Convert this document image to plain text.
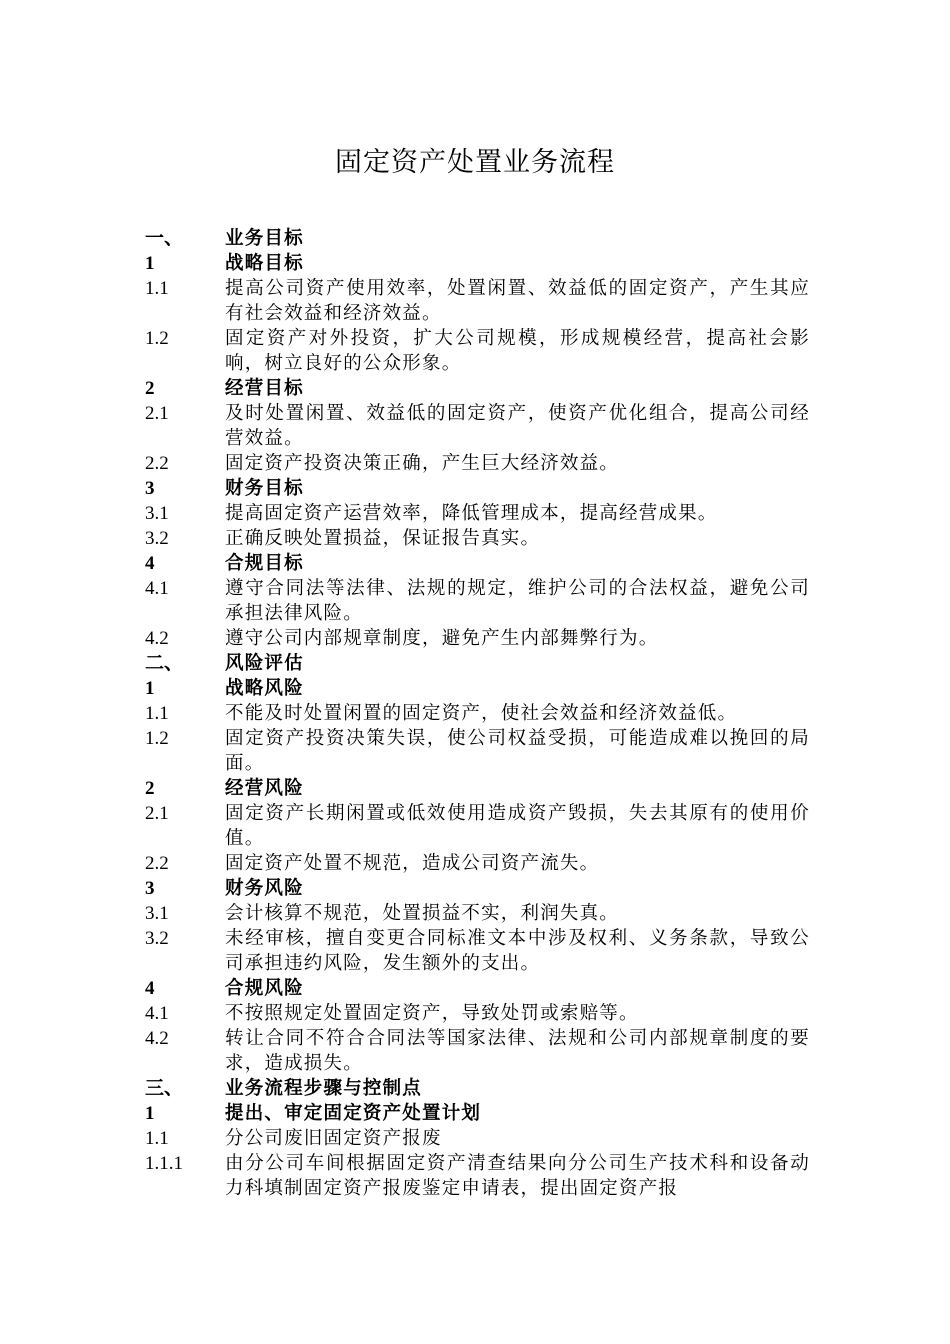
固定资产处置业务流程
一、	业务目标
1	战略目标
1.1	提高公司资产使用效率，处置闲置、效益低的固定资产，产生其应有社会效益和经济效益。
1.2	固定资产对外投资，扩大公司规模，形成规模经营，提高社会影响，树立良好的公众形象。
2	经营目标
2.1	及时处置闲置、效益低的固定资产，使资产优化组合，提高公司经营效益。
2.2	固定资产投资决策正确，产生巨大经济效益。
3	财务目标
3.1	提高固定资产运营效率，降低管理成本，提高经营成果。
3.2	正确反映处置损益，保证报告真实。
4	合规目标
4.1	遵守合同法等法律、法规的规定，维护公司的合法权益，避免公司承担法律风险。
4.2	遵守公司内部规章制度，避免产生内部舞弊行为。
二、	风险评估
1	战略风险
1.1	不能及时处置闲置的固定资产，使社会效益和经济效益低。
1.2	固定资产投资决策失误，使公司权益受损，可能造成难以挽回的局面。
2	经营风险
2.1	固定资产长期闲置或低效使用造成资产毁损，失去其原有的使用价值。
2.2	固定资产处置不规范，造成公司资产流失。
3	财务风险
3.1	会计核算不规范，处置损益不实，利润失真。
3.2	未经审核，擅自变更合同标准文本中涉及权利、义务条款，导致公司承担违约风险，发生额外的支出。
4	合规风险
4.1	不按照规定处置固定资产，导致处罚或索赔等。
4.2	转让合同不符合合同法等国家法律、法规和公司内部规章制度的要求，造成损失。
三、	业务流程步骤与控制点
1	提出、审定固定资产处置计划
1.1	分公司废旧固定资产报废
1.1.1	由分公司车间根据固定资产清查结果向分公司生产技术科和设备动力科填制固定资产报废鉴定申请表，提出固定资产报
